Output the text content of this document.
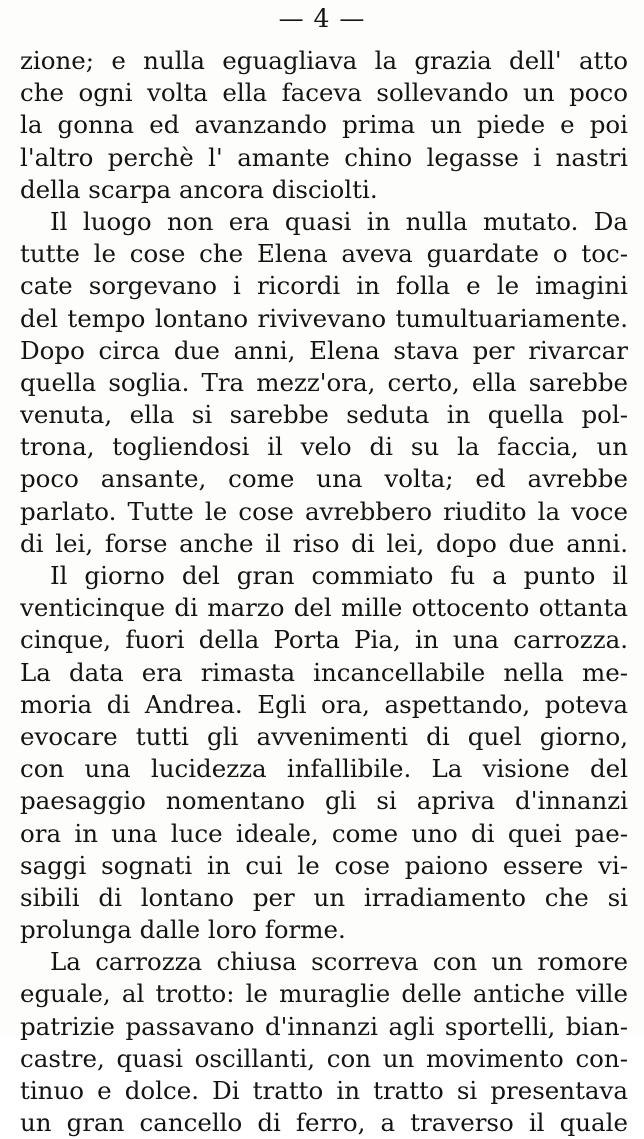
— 4 —
zione; e nulla eguagliava la grazia dell' atto
che ogni volta ella faceva sollevando un poco
la gonna ed avanzando prima un piede e poi
l'altro perchè l' amante chino legasse i nastri
della scarpa ancora disciolti.
Il luogo non era quasi in nulla mutato. Da
tutte le cose che Elena aveva guardate o toc-
cate sorgevano i ricordi in folla e le imagini
del tempo lontano rivivevano tumultuariamente.
Dopo circa due anni, Elena stava per rivarcar
quella soglia. Tra mezz'ora, certo, ella sarebbe
venuta, ella si sarebbe seduta in quella pol-
trona, togliendosi il velo di su la faccia, un
poco ansante, come una volta; ed avrebbe
parlato. Tutte le cose avrebbero riudito la voce
di lei, forse anche il riso di lei, dopo due anni.
Il giorno del gran commiato fu a punto il
venticinque di marzo del mille ottocento ottanta
cinque, fuori della Porta Pia, in una carrozza.
La data era rimasta incancellabile nella me-
moria di Andrea. Egli ora, aspettando, poteva
evocare tutti gli avvenimenti di quel giorno,
con una lucidezza infallibile. La visione del
paesaggio nomentano gli si apriva d'innanzi
ora in una luce ideale, come uno di quei pae-
saggi sognati in cui le cose paiono essere vi-
sibili di lontano per un irradiamento che si
prolunga dalle loro forme.
La carrozza chiusa scorreva con un romore
eguale, al trotto: le muraglie delle antiche ville
patrizie passavano d'innanzi agli sportelli, bian-
castre, quasi oscillanti, con un movimento con-
tinuo e dolce. Di tratto in tratto si presentava
un gran cancello di ferro, a traverso il quale
